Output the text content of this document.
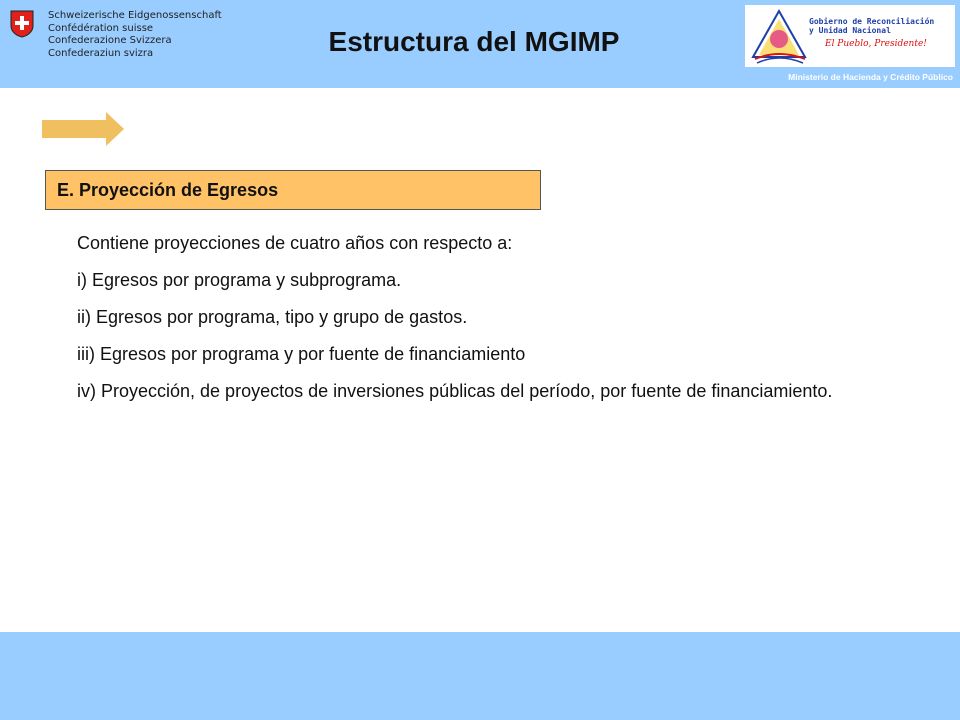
Schweizerische Eidgenossenschaft
Confédération suisse
Confederazione Svizzera
Confederaziun svizra	Estructura del MGIMP
Gobierno de Reconciliación
y Unidad Nacional
El Pueblo, Presidente!
Ministerio de Hacienda y Crédito Público
E. Proyección de Egresos

Contiene proyecciones de cuatro años con respecto a:

i) Egresos por programa y subprograma.

ii) Egresos por programa, tipo y grupo de gastos.

iii) Egresos por programa y por fuente de financiamiento

iv) Proyección, de proyectos de inversiones públicas del período, por fuente de financiamiento.
